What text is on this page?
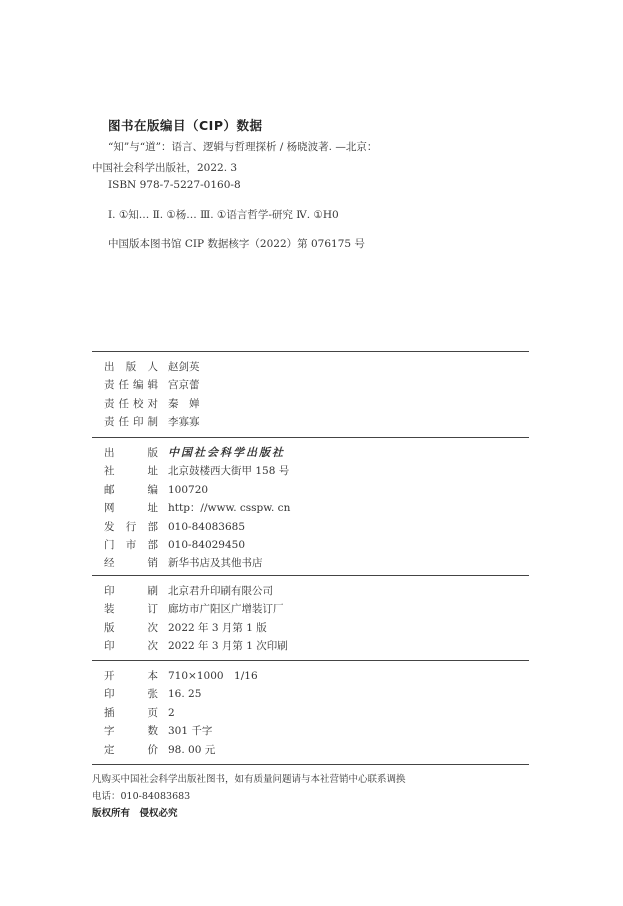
图书在版编目（CIP）数据
“知”与“道”：语言、逻辑与哲理探析 / 杨晓波著. —北京：
中国社会科学出版社，2022. 3
ISBN 978-7-5227-0160-8
Ⅰ. ①知… Ⅱ. ①杨… Ⅲ. ①语言哲学-研究 Ⅳ. ①H0
中国版本图书馆 CIP 数据核字（2022）第 076175 号
出 版 人 赵剑英
责 任 编 辑 宫京蕾
责 任 校 对 秦　婵
责 任 印 制 李寡寡
出	版 中国社会科学出版社
社	址 北京鼓楼西大街甲 158 号
邮	编 100720
网	址 http：//www. csspw. cn
发 行 部 010-84083685
门 市 部 010-84029450
经	销 新华书店及其他书店
印	刷 北京君升印刷有限公司
装	订 廊坊市广阳区广增装订厂
版	次 2022 年 3 月第 1 版
印	次 2022 年 3 月第 1 次印刷
开	本 710×1000　1/16
印	张 16. 25
插	页 2
字	数 301 千字
定	价 98. 00 元
凡购买中国社会科学出版社图书，如有质量问题请与本社营销中心联系调换
电话：010-84083683
版权所有　侵权必究
